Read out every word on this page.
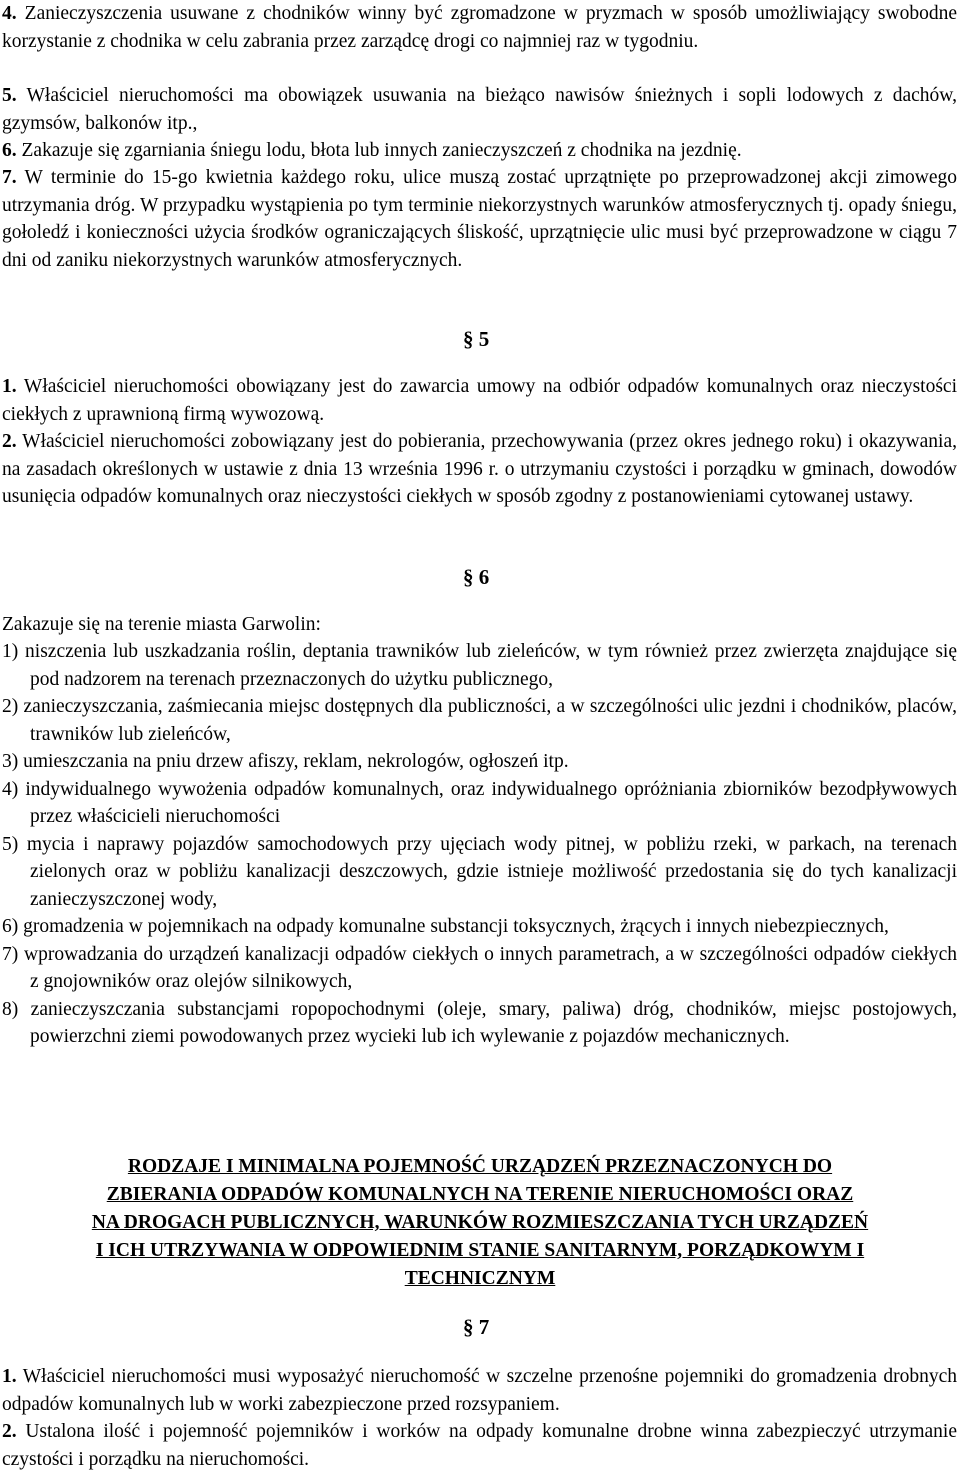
4. Zanieczyszczenia usuwane z chodników winny być zgromadzone w pryzmach w sposób umożliwiający swobodne korzystanie z chodnika w celu zabrania przez zarządcę drogi co najmniej raz w tygodniu.

5. Właściciel nieruchomości ma obowiązek usuwania na bieżąco nawisów śnieżnych i sopli lodowych z dachów, gzymsów, balkonów itp.,

6. Zakazuje się zgarniania śniegu lodu, błota lub innych zanieczyszczeń z chodnika na jezdnię.

7. W terminie do 15-go kwietnia każdego roku, ulice muszą zostać uprzątnięte po przeprowadzonej akcji zimowego utrzymania dróg. W przypadku wystąpienia po tym terminie niekorzystnych warunków atmosferycznych tj. opady śniegu, gołoledź i konieczności użycia środków ograniczających śliskość, uprzątnięcie ulic musi być przeprowadzone w ciągu 7 dni od zaniku niekorzystnych warunków atmosferycznych.

§ 5

1. Właściciel nieruchomości obowiązany jest do zawarcia umowy na odbiór odpadów komunalnych oraz nieczystości ciekłych z uprawnioną firmą wywozową.

2. Właściciel nieruchomości zobowiązany jest do pobierania, przechowywania (przez okres jednego roku) i okazywania, na zasadach określonych w ustawie z dnia 13 września 1996 r. o utrzymaniu czystości i porządku w gminach, dowodów usunięcia odpadów komunalnych oraz nieczystości ciekłych w sposób zgodny z postanowieniami cytowanej ustawy.

§ 6

Zakazuje się na terenie miasta Garwolin:

1) niszczenia lub uszkadzania roślin, deptania trawników lub zieleńców, w tym również przez zwierzęta znajdujące się pod nadzorem na terenach przeznaczonych do użytku publicznego,

2) zanieczyszczania, zaśmiecania miejsc dostępnych dla publiczności, a w szczególności ulic jezdni i chodników, placów, trawników lub zieleńców,

3) umieszczania na pniu drzew afiszy, reklam, nekrologów, ogłoszeń itp.

4) indywidualnego wywożenia odpadów komunalnych, oraz indywidualnego opróżniania zbiorników bezodpływowych przez właścicieli nieruchomości

5) mycia i naprawy pojazdów samochodowych przy ujęciach wody pitnej, w pobliżu rzeki, w parkach, na terenach zielonych oraz w pobliżu kanalizacji deszczowych, gdzie istnieje możliwość przedostania się do tych kanalizacji zanieczyszczonej wody,

6) gromadzenia w pojemnikach na odpady komunalne substancji toksycznych, żrących i innych niebezpiecznych,

7) wprowadzania do urządzeń kanalizacji odpadów ciekłych o innych parametrach, a w szczególności odpadów ciekłych z gnojowników oraz olejów silnikowych,

8) zanieczyszczania substancjami ropopochodnymi (oleje, smary, paliwa) dróg, chodników, miejsc postojowych, powierzchni ziemi powodowanych przez wycieki lub ich wylewanie z pojazdów mechanicznych.

RODZAJE I MINIMALNA POJEMNOŚĆ URZĄDZEŃ PRZEZNACZONYCH DO
ZBIERANIA ODPADÓW KOMUNALNYCH NA TERENIE NIERUCHOMOŚCI ORAZ
NA DROGACH PUBLICZNYCH, WARUNKÓW ROZMIESZCZANIA TYCH URZĄDZEŃ
I ICH UTRZYWANIA W ODPOWIEDNIM STANIE SANITARNYM, PORZĄDKOWYM I
TECHNICZNYM
§ 7

1. Właściciel nieruchomości musi wyposażyć nieruchomość w szczelne przenośne pojemniki do gromadzenia drobnych odpadów komunalnych lub w worki zabezpieczone przed rozsypaniem.

2. Ustalona ilość i pojemność pojemników i worków na odpady komunalne drobne winna zabezpieczyć utrzymanie czystości i porządku na nieruchomości.
